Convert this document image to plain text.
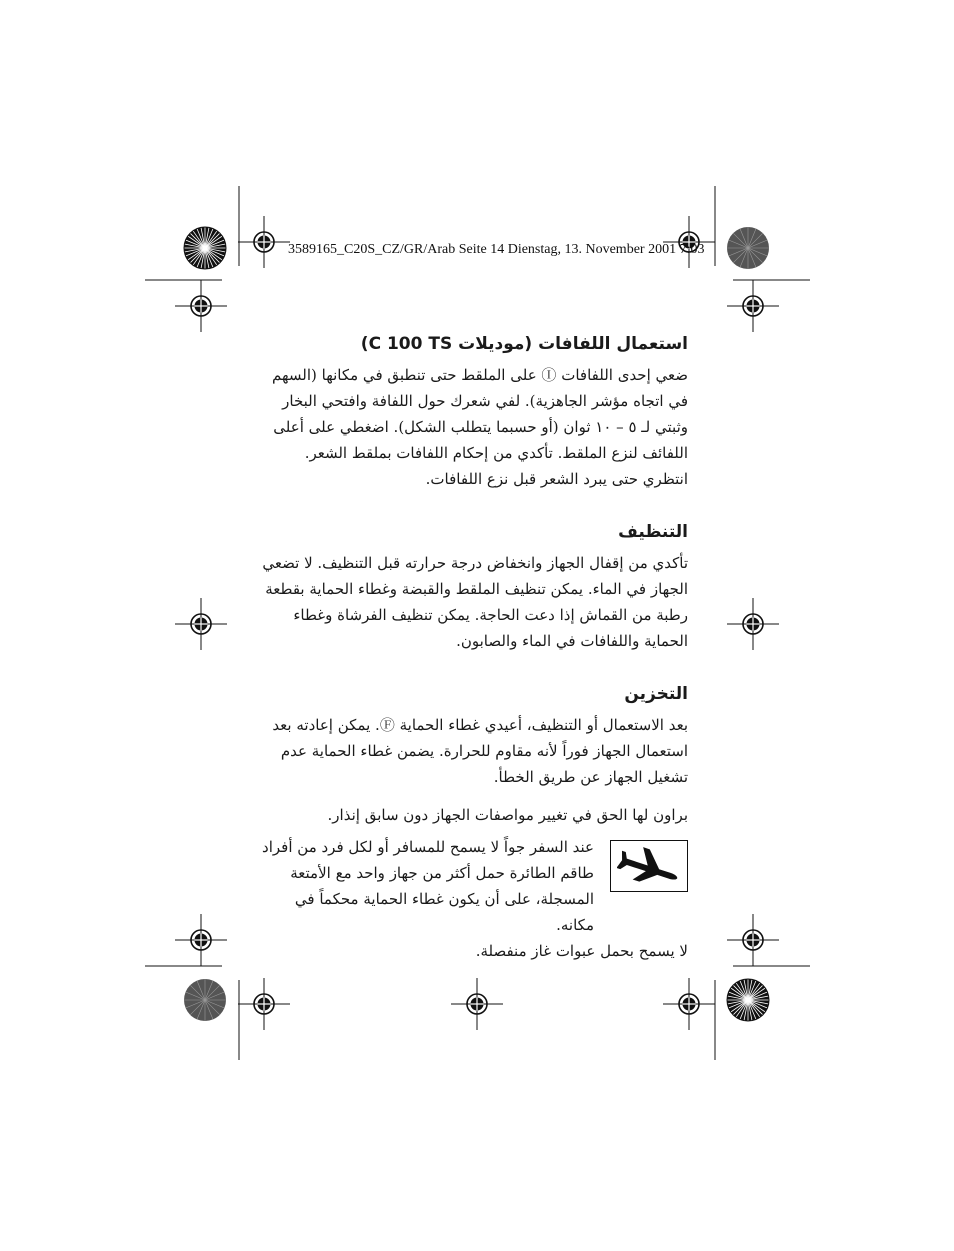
3589165_C20S_CZ/GR/Arab Seite 14 Dienstag, 13. November 2001 7:03
استعمال اللفافات (موديلات C 100 TS)

ضعي إحدى اللفافات Ⓘ على الملقط حتى تنطبق في مكانها (السهم في اتجاه مؤشر الجاهزية). لفي شعرك حول اللفافة وافتحي البخار وثبتي لـ ٥ – ١٠ ثوان (أو حسبما يتطلب الشكل). اضغطي على أعلى اللفائف لنزع الملقط. تأكدي من إحكام اللفافات بملقط الشعر. انتظري حتى يبرد الشعر قبل نزع اللفافات.

التنظيف

تأكدي من إقفال الجهاز وانخفاض درجة حرارته قبل التنظيف. لا تضعي الجهاز في الماء. يمكن تنظيف الملقط والقبضة وغطاء الحماية بقطعة رطبة من القماش إذا دعت الحاجة. يمكن تنظيف الفرشاة وغطاء الحماية واللفافات في الماء والصابون.

التخزين

بعد الاستعمال أو التنظيف، أعيدي غطاء الحماية Ⓕ. يمكن إعادته بعد استعمال الجهاز فوراً لأنه مقاوم للحرارة. يضمن غطاء الحماية عدم تشغيل الجهاز عن طريق الخطأ.

براون لها الحق في تغيير مواصفات الجهاز دون سابق إنذار.

عند السفر جواً لا يسمح للمسافر أو لكل فرد من أفراد طاقم الطائرة حمل أكثر من جهاز واحد مع الأمتعة المسجلة، على أن يكون غطاء الحماية محكماً في مكانه.

لا يسمح بحمل عبوات غاز منفصلة.
